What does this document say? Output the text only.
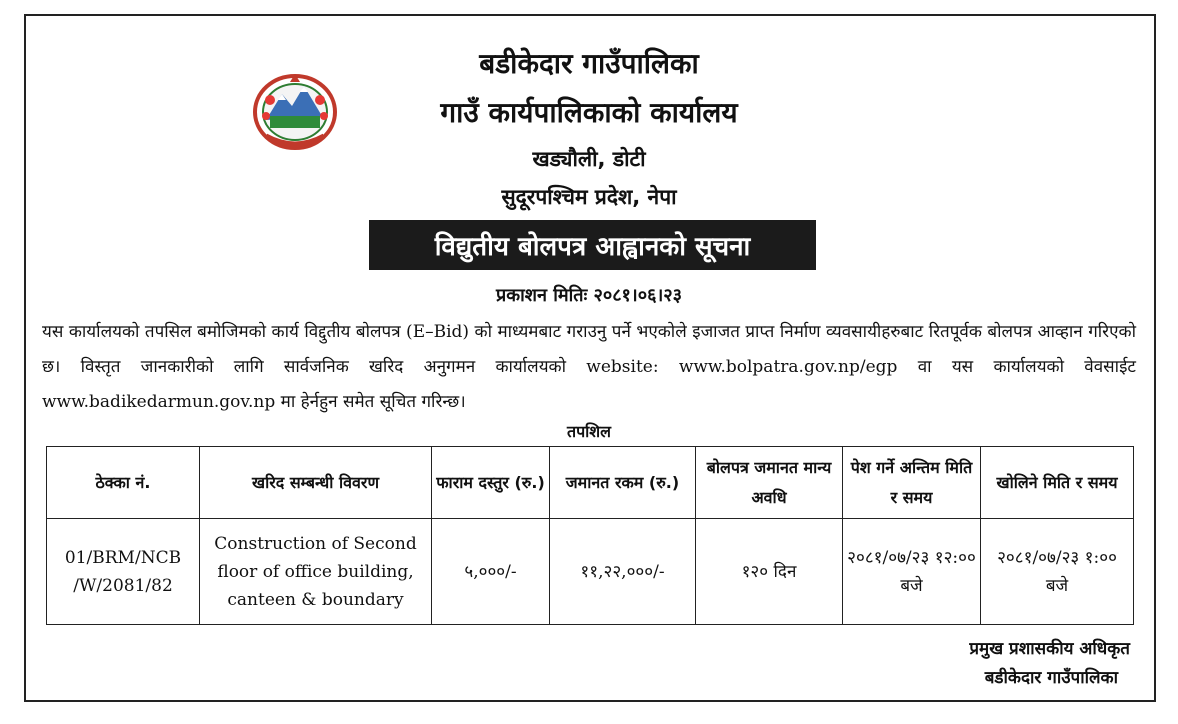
बडीकेदार गाउँपालिका
गाउँ कार्यपालिकाको कार्यालय
खड्यौली, डोटी
सुदूरपश्चिम प्रदेश, नेपा
विद्युतीय बोलपत्र आह्वानको सूचना
प्रकाशन मितिः २०८१।०६।२३
यस कार्यालयको तपसिल बमोजिमको कार्य विद्दुतीय बोलपत्र (E–Bid) को माध्यमबाट गराउनु पर्ने भएकोले इजाजत प्राप्त निर्माण व्यवसायीहरुबाट रितपूर्वक बोलपत्र आव्हान गरिएको छ। विस्तृत जानकारीको लागि सार्वजनिक खरिद अनुगमन कार्यालयको website: www.bolpatra.gov.np/egp वा यस कार्यालयको वेवसाईट www.badikedarmun.gov.np मा हेर्नहुन समेत सूचित गरिन्छ।
तपशिल
ठेक्का नं.	खरिद सम्बन्धी विवरण	फाराम दस्तुर (रु.)	जमानत रकम (रु.)	बोलपत्र जमानत मान्य अवधि	पेश गर्ने अन्तिम मिति र समय	खोलिने मिति र समय
01/BRM/NCB /W/2081/82	Construction of Second floor of office building, canteen & boundary	५,०००/-	११,२२,०००/-	१२० दिन	२०८१/०७/२३ १२:०० बजे	२०८१/०७/२३ १:०० बजे
प्रमुख प्रशासकीय अधिकृत
बडीकेदार गाउँपालिका
